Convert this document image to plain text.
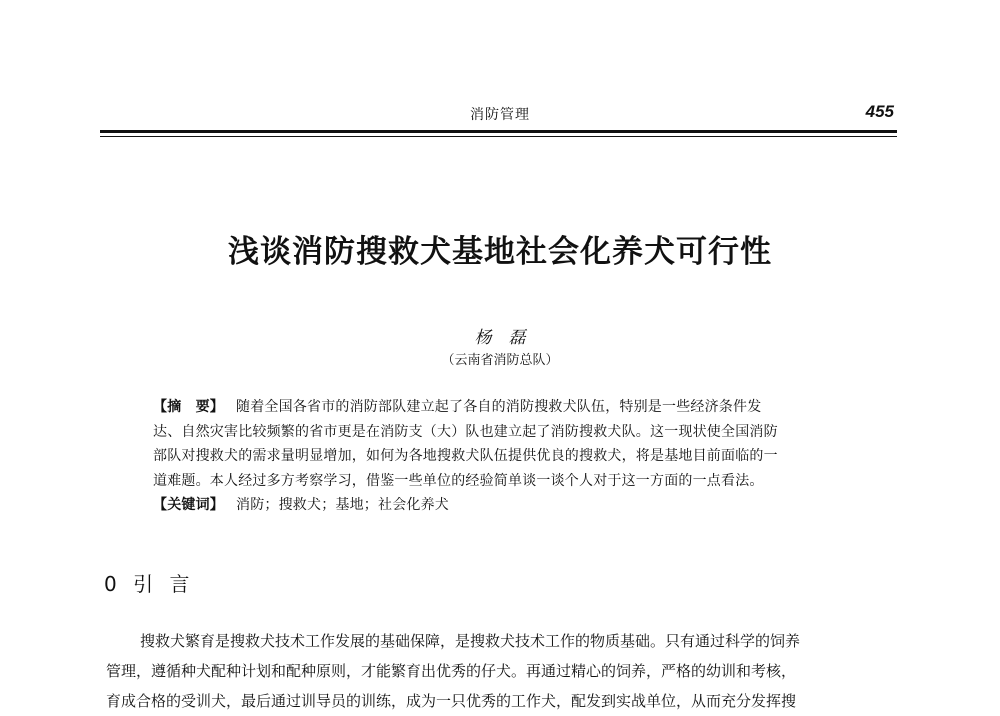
消防管理	455
浅谈消防搜救犬基地社会化养犬可行性
杨　磊
（云南省消防总队）
【摘　要】 随着全国各省市的消防部队建立起了各自的消防搜救犬队伍，特别是一些经济条件发
达、自然灾害比较频繁的省市更是在消防支（大）队也建立起了消防搜救犬队。这一现状使全国消防
部队对搜救犬的需求量明显增加，如何为各地搜救犬队伍提供优良的搜救犬，将是基地目前面临的一
道难题。本人经过多方考察学习，借鉴一些单位的经验简单谈一谈个人对于这一方面的一点看法。
【关键词】 消防；搜救犬；基地；社会化养犬
0 引 言
搜救犬繁育是搜救犬技术工作发展的基础保障，是搜救犬技术工作的物质基础。只有通过科学的饲养
管理，遵循种犬配种计划和配种原则，才能繁育出优秀的仔犬。再通过精心的饲养，严格的幼训和考核，
育成合格的受训犬，最后通过训导员的训练，成为一只优秀的工作犬，配发到实战单位，从而充分发挥搜
